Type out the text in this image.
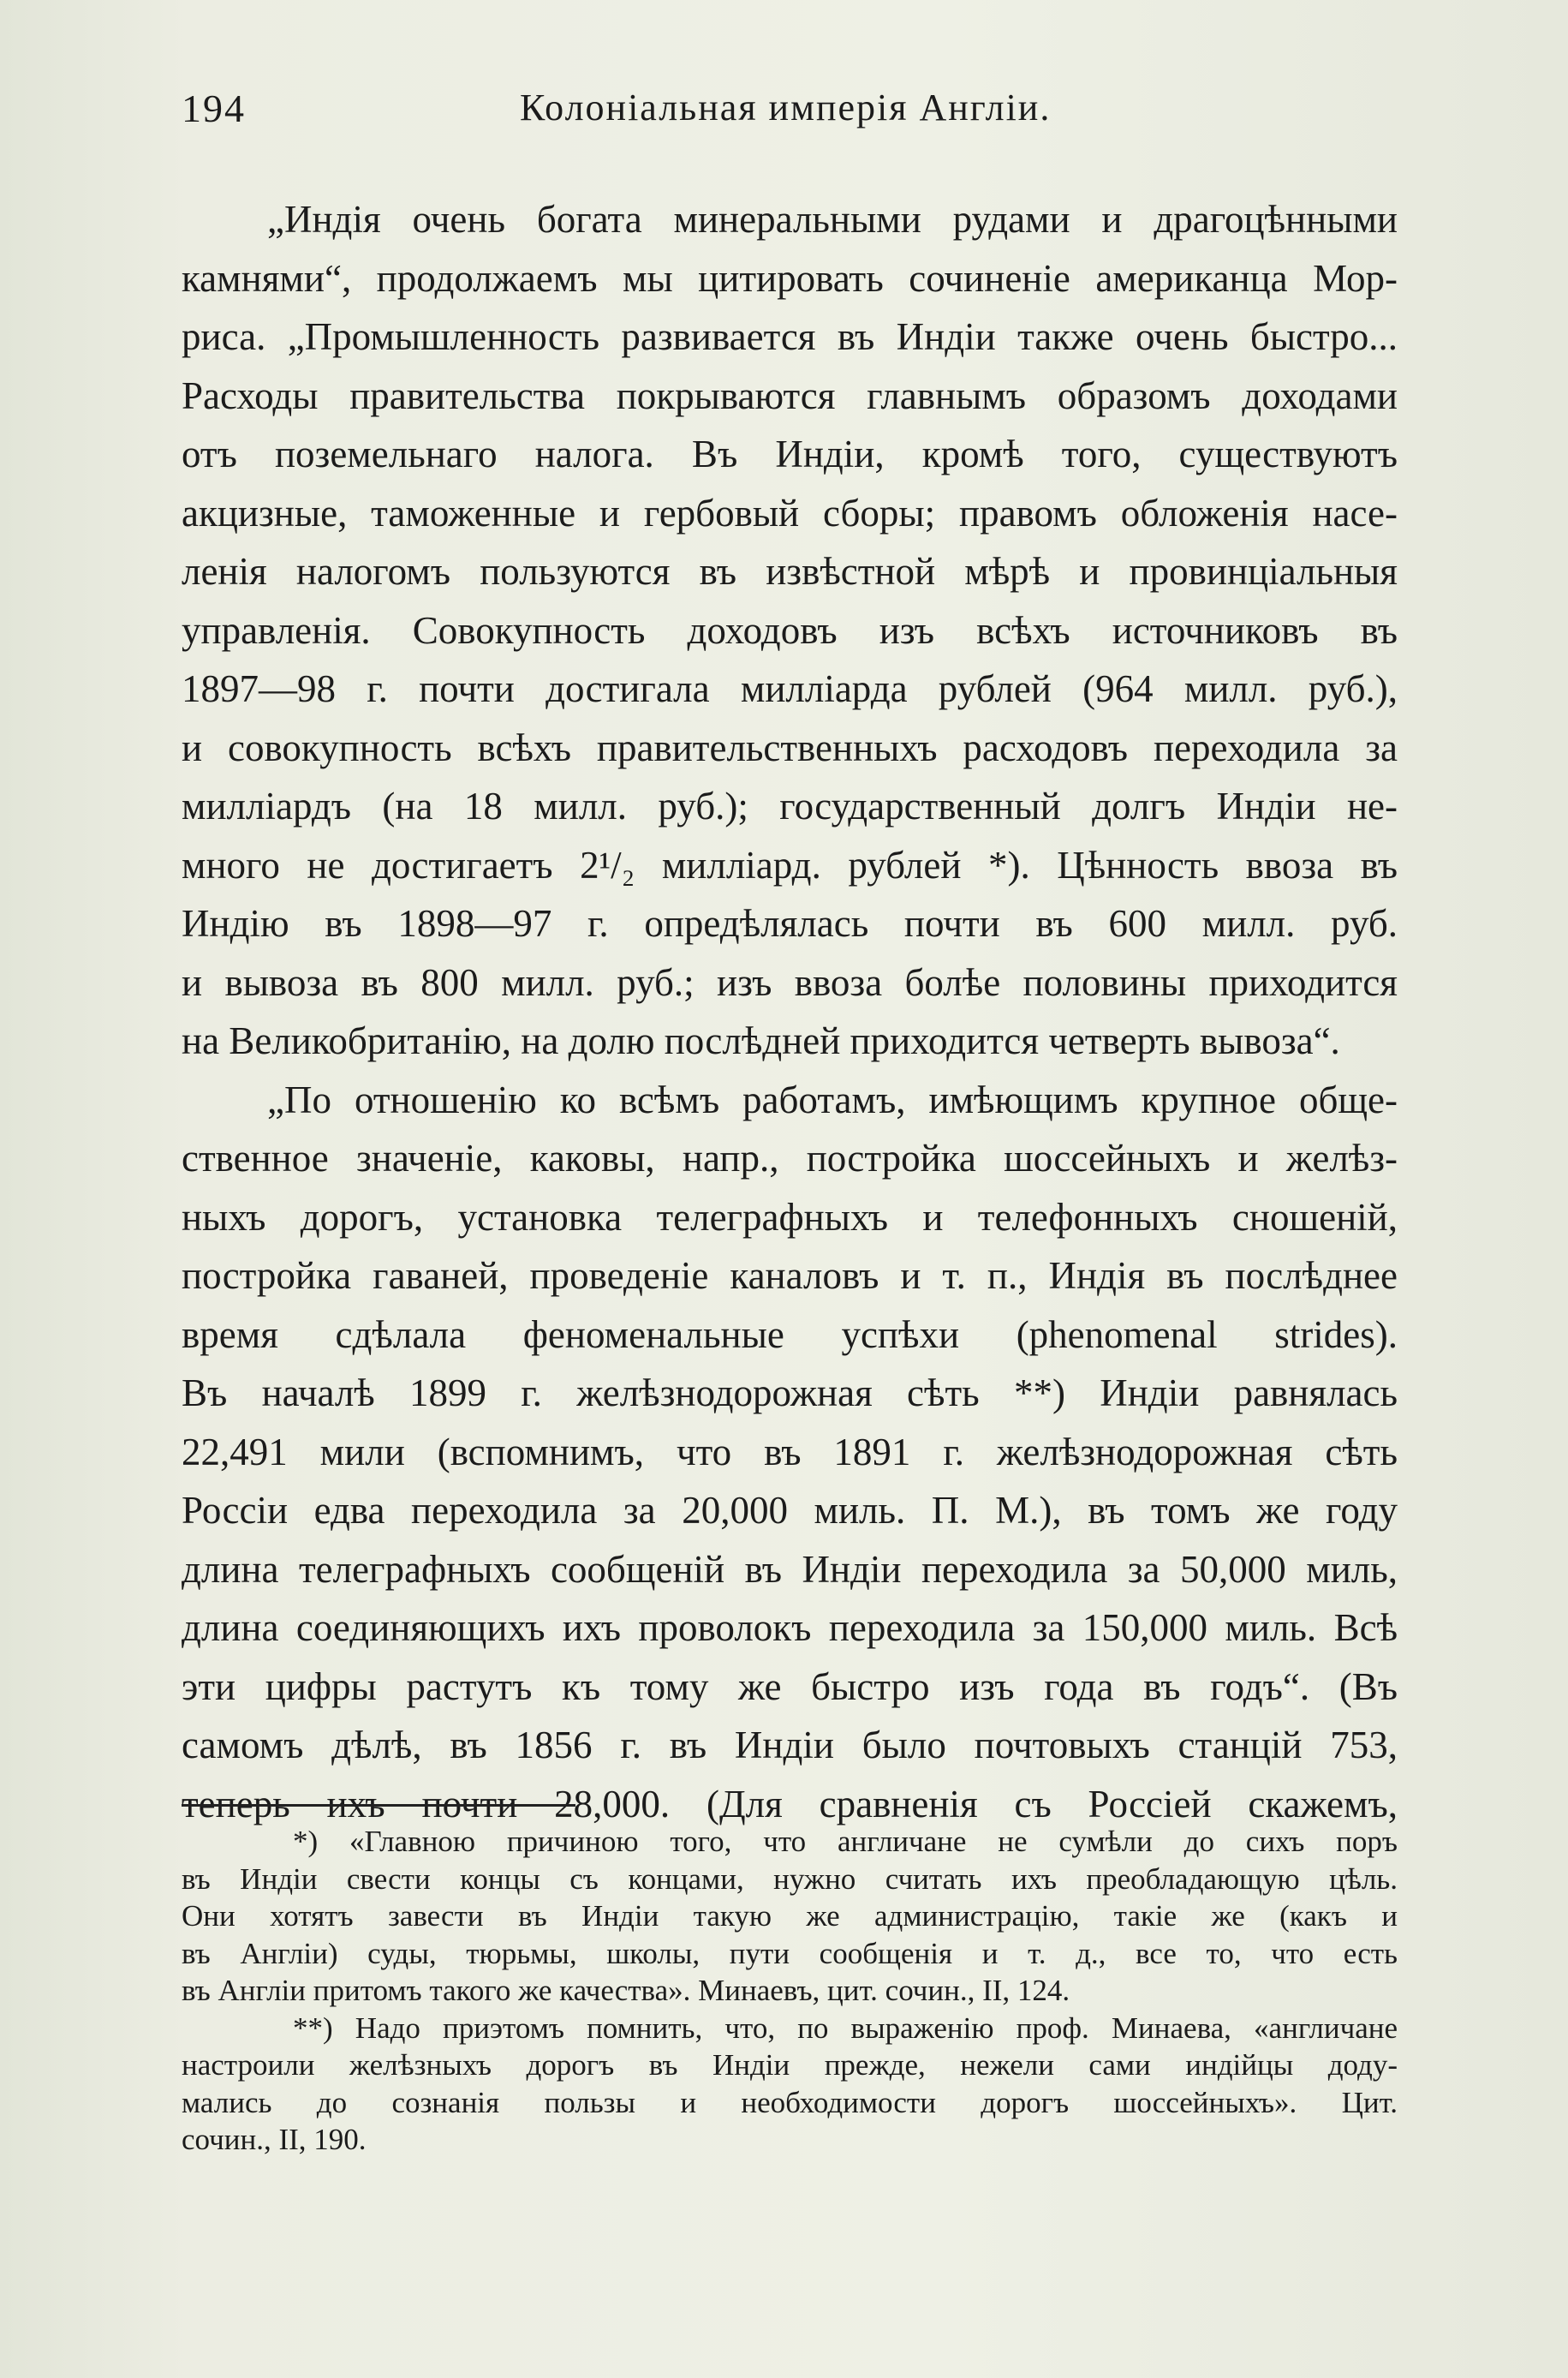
194	Колоніальная имперія Англіи.
„Индія очень богата минеральными рудами и драгоцѣнными
камнями“, продолжаемъ мы цитировать сочиненіе американца Мор-
риса. „Промышленность развивается въ Индіи также очень быстро...
Расходы правительства покрываются главнымъ образомъ доходами
отъ поземельнаго налога. Въ Индіи, кромѣ того, существуютъ
акцизные, таможенные и гербовый сборы; правомъ обложенія насе-
ленія налогомъ пользуются въ извѣстной мѣрѣ и провинціальныя
управленія. Совокупность доходовъ изъ всѣхъ источниковъ въ
1897—98 г. почти достигала милліарда рублей (964 милл. руб.),
и совокупность всѣхъ правительственныхъ расходовъ переходила за
милліардъ (на 18 милл. руб.); государственный долгъ Индіи не-
много не достигаетъ 2¹/₂ милліард. рублей *). Цѣнность ввоза въ
Индію въ 1898—97 г. опредѣлялась почти въ 600 милл. руб.
и вывоза въ 800 милл. руб.; изъ ввоза болѣе половины приходится
на Великобританію, на долю послѣдней приходится четверть вывоза“.
„По отношенію ко всѣмъ работамъ, имѣющимъ крупное обще-
ственное значеніе, каковы, напр., постройка шоссейныхъ и желѣз-
ныхъ дорогъ, установка телеграфныхъ и телефонныхъ сношеній,
постройка гаваней, проведеніе каналовъ и т. п., Индія въ послѣднее
время сдѣлала феноменальные успѣхи (phenomenal strides).
Въ началѣ 1899 г. желѣзнодорожная сѣть **) Индіи равнялась
22,491 мили (вспомнимъ, что въ 1891 г. желѣзнодорожная сѣть
Россіи едва переходила за 20,000 миль. П. М.), въ томъ же году
длина телеграфныхъ сообщеній въ Индіи переходила за 50,000 миль,
длина соединяющихъ ихъ проволокъ переходила за 150,000 миль. Всѣ
эти цифры растутъ къ тому же быстро изъ года въ годъ“. (Въ
самомъ дѣлѣ, въ 1856 г. въ Индіи было почтовыхъ станцій 753,
теперь ихъ почти 28,000. (Для сравненія съ Россіей скажемъ,
*) «Главною причиною того, что англичане не сумѣли до сихъ поръ
въ Индіи свести концы съ концами, нужно считать ихъ преобладающую цѣль.
Они хотятъ завести въ Индіи такую же администрацію, такіе же (какъ и
въ Англіи) суды, тюрьмы, школы, пути сообщенія и т. д., все то, что есть
въ Англіи притомъ такого же качества». Минаевъ, цит. сочин., II, 124.
**) Надо приэтомъ помнить, что, по выраженію проф. Минаева, «англичане
настроили желѣзныхъ дорогъ въ Индіи прежде, нежели сами индійцы доду-
мались до сознанія пользы и необходимости дорогъ шоссейныхъ». Цит.
сочин., II, 190.
